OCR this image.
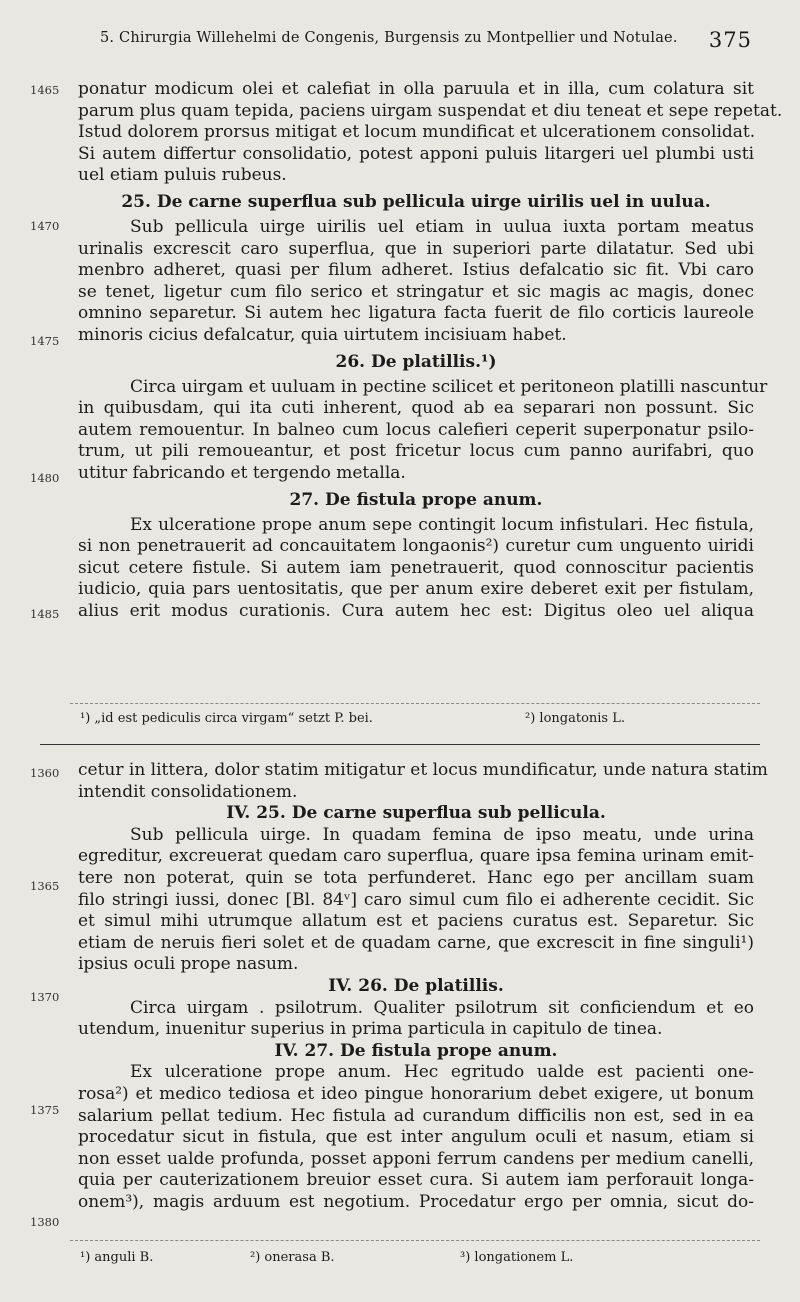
5. Chirurgia Willehelmi de Congenis, Burgensis zu Montpellier und Notulae. 375
ponatur modicum olei et calefiat in olla paruula et in illa, cum colatura sit
parum plus quam tepida, paciens uirgam suspendat et diu teneat et sepe repetat.
Istud dolorem prorsus mitigat et locum mundificat et ulcerationem consolidat.
Si autem differtur consolidatio, potest apponi puluis litargeri uel plumbi usti
uel etiam puluis rubeus.
25. De carne superflua sub pellicula uirge uirilis uel in uulua.
Sub pellicula uirge uirilis uel etiam in uulua iuxta portam meatus
urinalis excrescit caro superflua, que in superiori parte dilatatur. Sed ubi
menbro adheret, quasi per filum adheret. Istius defalcatio sic fit. Vbi caro
se tenet, ligetur cum filo serico et stringatur et sic magis ac magis, donec
omnino separetur. Si autem hec ligatura facta fuerit de filo corticis laureole
minoris cicius defalcatur, quia uirtutem incisiuam habet.
26. De platillis.¹)
Circa uirgam et uuluam in pectine scilicet et peritoneon platilli nascuntur
in quibusdam, qui ita cuti inherent, quod ab ea separari non possunt. Sic
autem remouentur. In balneo cum locus calefieri ceperit superponatur psilo-
trum, ut pili remoueantur, et post fricetur locus cum panno aurifabri, quo
utitur fabricando et tergendo metalla.
27. De fistula prope anum.
Ex ulceratione prope anum sepe contingit locum infistulari. Hec fistula,
si non penetrauerit ad concauitatem longaonis²) curetur cum unguento uiridi
sicut cetere fistule. Si autem iam penetrauerit, quod connoscitur pacientis
iudicio, quia pars uentositatis, que per anum exire deberet exit per fistulam,
alius erit modus curationis. Cura autem hec est: Digitus oleo uel aliqua
1465
1470
1475
1480
1485
¹) „id est pediculis circa virgam“ setzt P. bei.	²) longatonis L.
cetur in littera, dolor statim mitigatur et locus mundificatur, unde natura statim
intendit consolidationem.
IV. 25. De carne superflua sub pellicula.
Sub pellicula uirge. In quadam femina de ipso meatu, unde urina
egreditur, excreuerat quedam caro superflua, quare ipsa femina urinam emit-
tere non poterat, quin se tota perfunderet. Hanc ego per ancillam suam
filo stringi iussi, donec [Bl. 84ᵛ] caro simul cum filo ei adherente cecidit. Sic
et simul mihi utrumque allatum est et paciens curatus est. Separetur. Sic
etiam de neruis fieri solet et de quadam carne, que excrescit in fine singuli¹)
ipsius oculi prope nasum.
IV. 26. De platillis.
Circa uirgam . psilotrum. Qualiter psilotrum sit conficiendum et eo
utendum, inuenitur superius in prima particula in capitulo de tinea.
IV. 27. De fistula prope anum.
Ex ulceratione prope anum. Hec egritudo ualde est pacienti one-
rosa²) et medico tediosa et ideo pingue honorarium debet exigere, ut bonum
salarium pellat tedium. Hec fistula ad curandum difficilis non est, sed in ea
procedatur sicut in fistula, que est inter angulum oculi et nasum, etiam si
non esset ualde profunda, posset apponi ferrum candens per medium canelli,
quia per cauterizationem breuior esset cura. Si autem iam perforauit longa-
onem³), magis arduum est negotium. Procedatur ergo per omnia, sicut do-
1360
1365
1370
1375
1380
¹) anguli B.	²) onerasa B.	³) longationem L.
